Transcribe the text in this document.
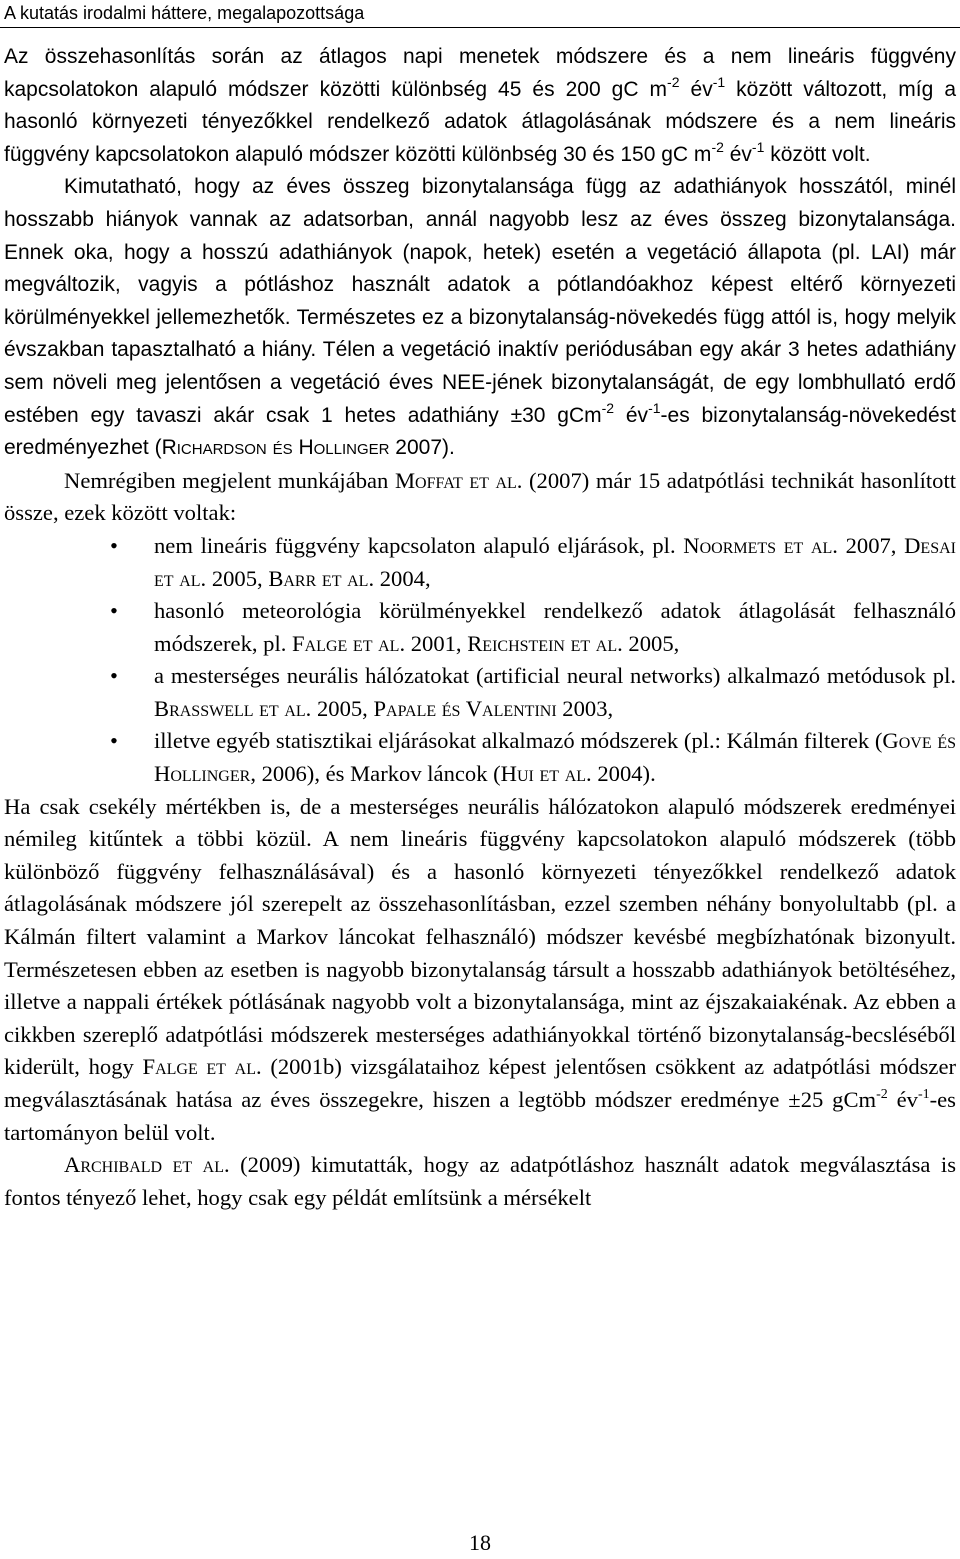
A kutatás irodalmi háttere, megalapozottsága

Az összehasonlítás során az átlagos napi menetek módszere és a nem lineáris függvény kapcsolatokon alapuló módszer közötti különbség 45 és 200 gC $m^{-2}$ $év^{-1}$ között változott, míg a hasonló környezeti tényezőkkel rendelkező adatok átlagolásának módszere és a nem lineáris függvény kapcsolatokon alapuló módszer közötti különbség 30 és 150 gC $m^{-2}$ $év^{-1}$ között volt.

Kimutatható, hogy az éves összeg bizonytalansága függ az adathiányok hosszától, minél hosszabb hiányok vannak az adatsorban, annál nagyobb lesz az éves összeg bizonytalansága. Ennek oka, hogy a hosszú adathiányok (napok, hetek) esetén a vegetáció állapota (pl. LAI) már megváltozik, vagyis a pótláshoz használt adatok a pótlandóakhoz képest eltérő környezeti körülményekkel jellemezhetők. Természetes ez a bizonytalanság-növekedés függ attól is, hogy melyik évszakban tapasztalható a hiány. Télen a vegetáció inaktív periódusában egy akár 3 hetes adathiány sem növeli meg jelentősen a vegetáció éves NEE-jének bizonytalanságát, de egy lombhullató erdő estében egy tavaszi akár csak 1 hetes adathiány ±30 gCm$^{-2}$ $év^{-1}-es$ bizonytalanság-növekedést eredményezhet (Richardson és Hollinger 2007).

Nemrégiben megjelent munkájában Moffat et al. (2007) már 15 adatpótlási technikát hasonlított össze, ezek között voltak:

• nem lineáris függvény kapcsolaton alapuló eljárások, pl. Noormets et al. 2007, Desai et al. 2005, Barr et al. 2004,
• hasonló meteorológia körülményekkel rendelkező adatok átlagolását felhasználó módszerek, pl. Falge et al. 2001, Reichstein et al. 2005,
• a mesterséges neurális hálózatokat (artificial neural networks) alkalmazó metódusok pl. Brasswell et al. 2005, Papale és Valentini 2003,
• illetve egyéb statisztikai eljárásokat alkalmazó módszerek (pl.: Kálmán filterek (Gove és Hollinger, 2006), és Markov láncok (Hui et al. 2004).

Ha csak csekély mértékben is, de a mesterséges neurális hálózatokon alapuló módszerek eredményei némileg kitűntek a többi közül. A nem lineáris függvény kapcsolatokon alapuló módszerek (több különböző függvény felhasználásával) és a hasonló környezeti tényezőkkel rendelkező adatok átlagolásának módszere jól szerepelt az összehasonlításban, ezzel szemben néhány bonyolultabb (pl. a Kálmán filtert valamint a Markov láncokat felhasználó) módszer kevésbé megbízhatónak bizonyult. Természetesen ebben az esetben is nagyobb bizonytalanság társult a hosszabb adathiányok betöltéséhez, illetve a nappali értékek pótlásának nagyobb volt a bizonytalansága, mint az éjszakaiakénak. Az ebben a cikkben szereplő adatpótlási módszerek mesterséges adathiányokkal történő bizonytalanság-becsléséből kiderült, hogy Falge et al. (2001b) vizsgálataihoz képest jelentősen csökkent az adatpótlási módszer megválasztásának hatása az éves összegekre, hiszen a legtöbb módszer eredménye ±25 gCm$^{-2}$ $év^{-1}-es$ tartományon belül volt.

Archibald et al. (2009) kimutatták, hogy az adatpótláshoz használt adatok megválasztása is fontos tényező lehet, hogy csak egy példát említsünk a mérsékelt

18
